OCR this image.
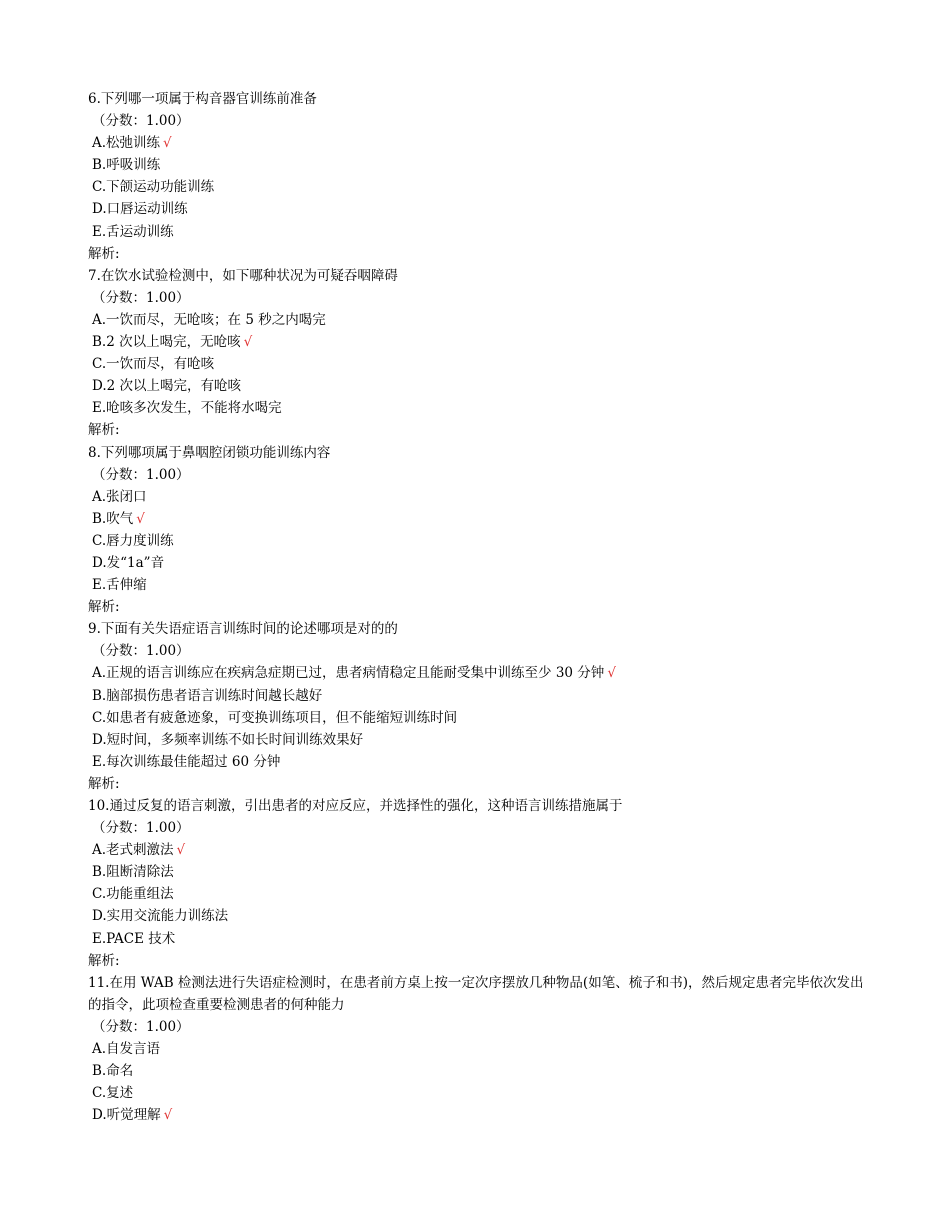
6.下列哪一项属于构音器官训练前准备
（分数：1.00）
A.松弛训练 √
B.呼吸训练
C.下颌运动功能训练
D.口唇运动训练
E.舌运动训练
解析:
7.在饮水试验检测中，如下哪种状况为可疑吞咽障碍
（分数：1.00）
A.一饮而尽，无呛咳；在 5 秒之内喝完
B.2 次以上喝完，无呛咳 √
C.一饮而尽，有呛咳
D.2 次以上喝完，有呛咳
E.呛咳多次发生，不能将水喝完
解析:
8.下列哪项属于鼻咽腔闭锁功能训练内容
（分数：1.00）
A.张闭口
B.吹气 √
C.唇力度训练
D.发“1a”音
E.舌伸缩
解析:
9.下面有关失语症语言训练时间的论述哪项是对的的
（分数：1.00）
A.正规的语言训练应在疾病急症期已过，患者病情稳定且能耐受集中训练至少 30 分钟 √
B.脑部损伤患者语言训练时间越长越好
C.如患者有疲惫迹象，可变换训练项目，但不能缩短训练时间
D.短时间，多频率训练不如长时间训练效果好
E.每次训练最佳能超过 60 分钟
解析:
10.通过反复的语言刺激，引出患者的对应反应，并选择性的强化，这种语言训练措施属于
（分数：1.00）
A.老式刺激法 √
B.阻断清除法
C.功能重组法
D.实用交流能力训练法
E.PACE 技术
解析:
11.在用 WAB 检测法进行失语症检测时，在患者前方桌上按一定次序摆放几种物品(如笔、梳子和书)，然后规定患者完毕依次发出的指令，此项检查重要检测患者的何种能力
（分数：1.00）
A.自发言语
B.命名
C.复述
D.听觉理解 √
